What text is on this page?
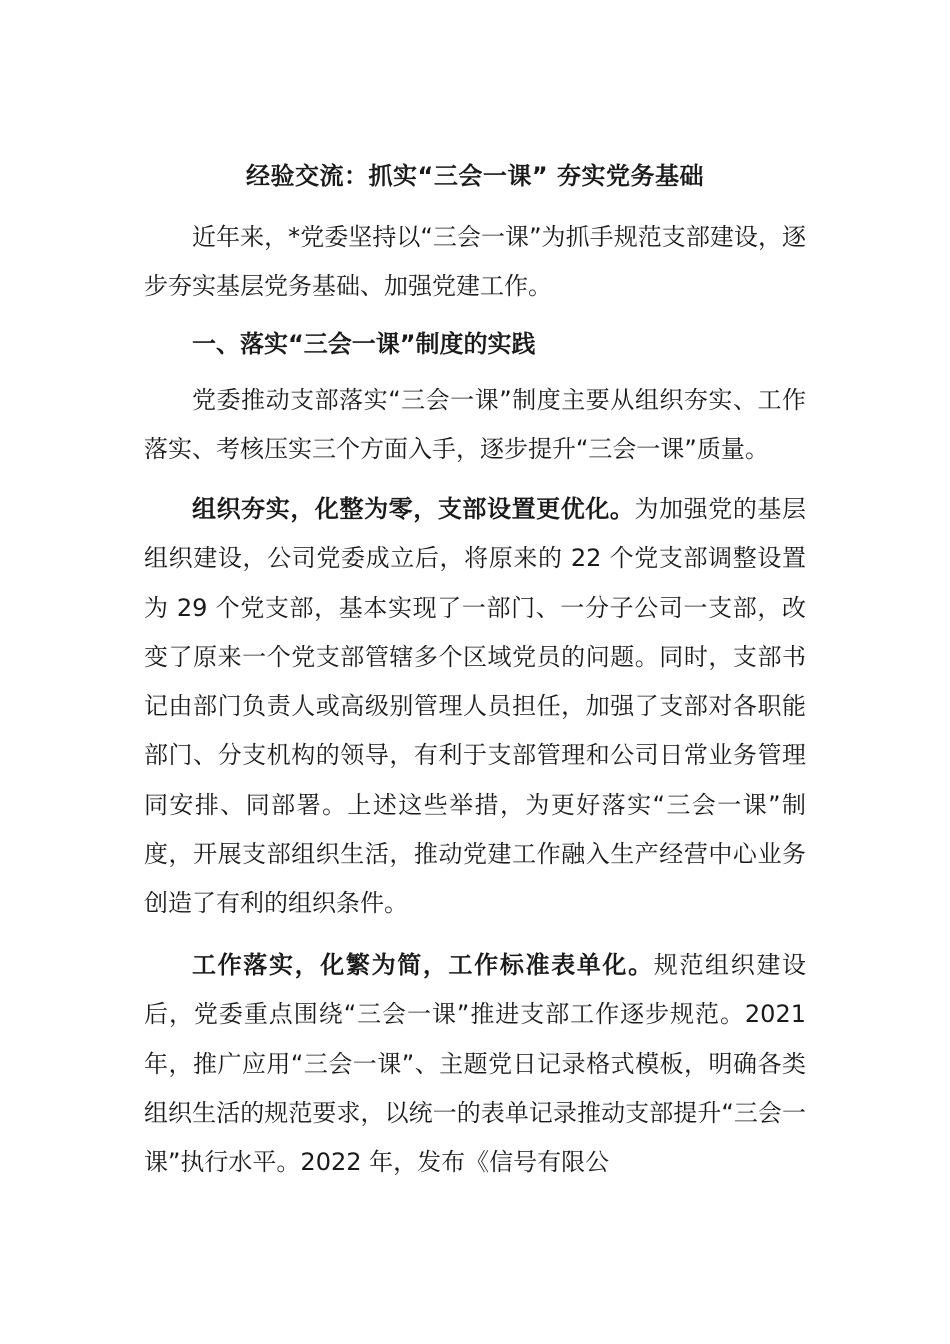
经验交流：抓实“三会一课” 夯实党务基础

近年来，*党委坚持以“三会一课”为抓手规范支部建设，逐步夯实基层党务基础、加强党建工作。

一、落实“三会一课”制度的实践

党委推动支部落实“三会一课”制度主要从组织夯实、工作落实、考核压实三个方面入手，逐步提升“三会一课”质量。

组织夯实，化整为零，支部设置更优化。为加强党的基层组织建设，公司党委成立后，将原来的 22 个党支部调整设置为 29 个党支部，基本实现了一部门、一分子公司一支部，改变了原来一个党支部管辖多个区域党员的问题。同时，支部书记由部门负责人或高级别管理人员担任，加强了支部对各职能部门、分支机构的领导，有利于支部管理和公司日常业务管理同安排、同部署。上述这些举措，为更好落实“三会一课”制度，开展支部组织生活，推动党建工作融入生产经营中心业务创造了有利的组织条件。

工作落实，化繁为简，工作标准表单化。规范组织建设后，党委重点围绕“三会一课”推进支部工作逐步规范。2021 年，推广应用“三会一课”、主题党日记录格式模板，明确各类组织生活的规范要求，以统一的表单记录推动支部提升“三会一课”执行水平。2022 年，发布《信号有限公
